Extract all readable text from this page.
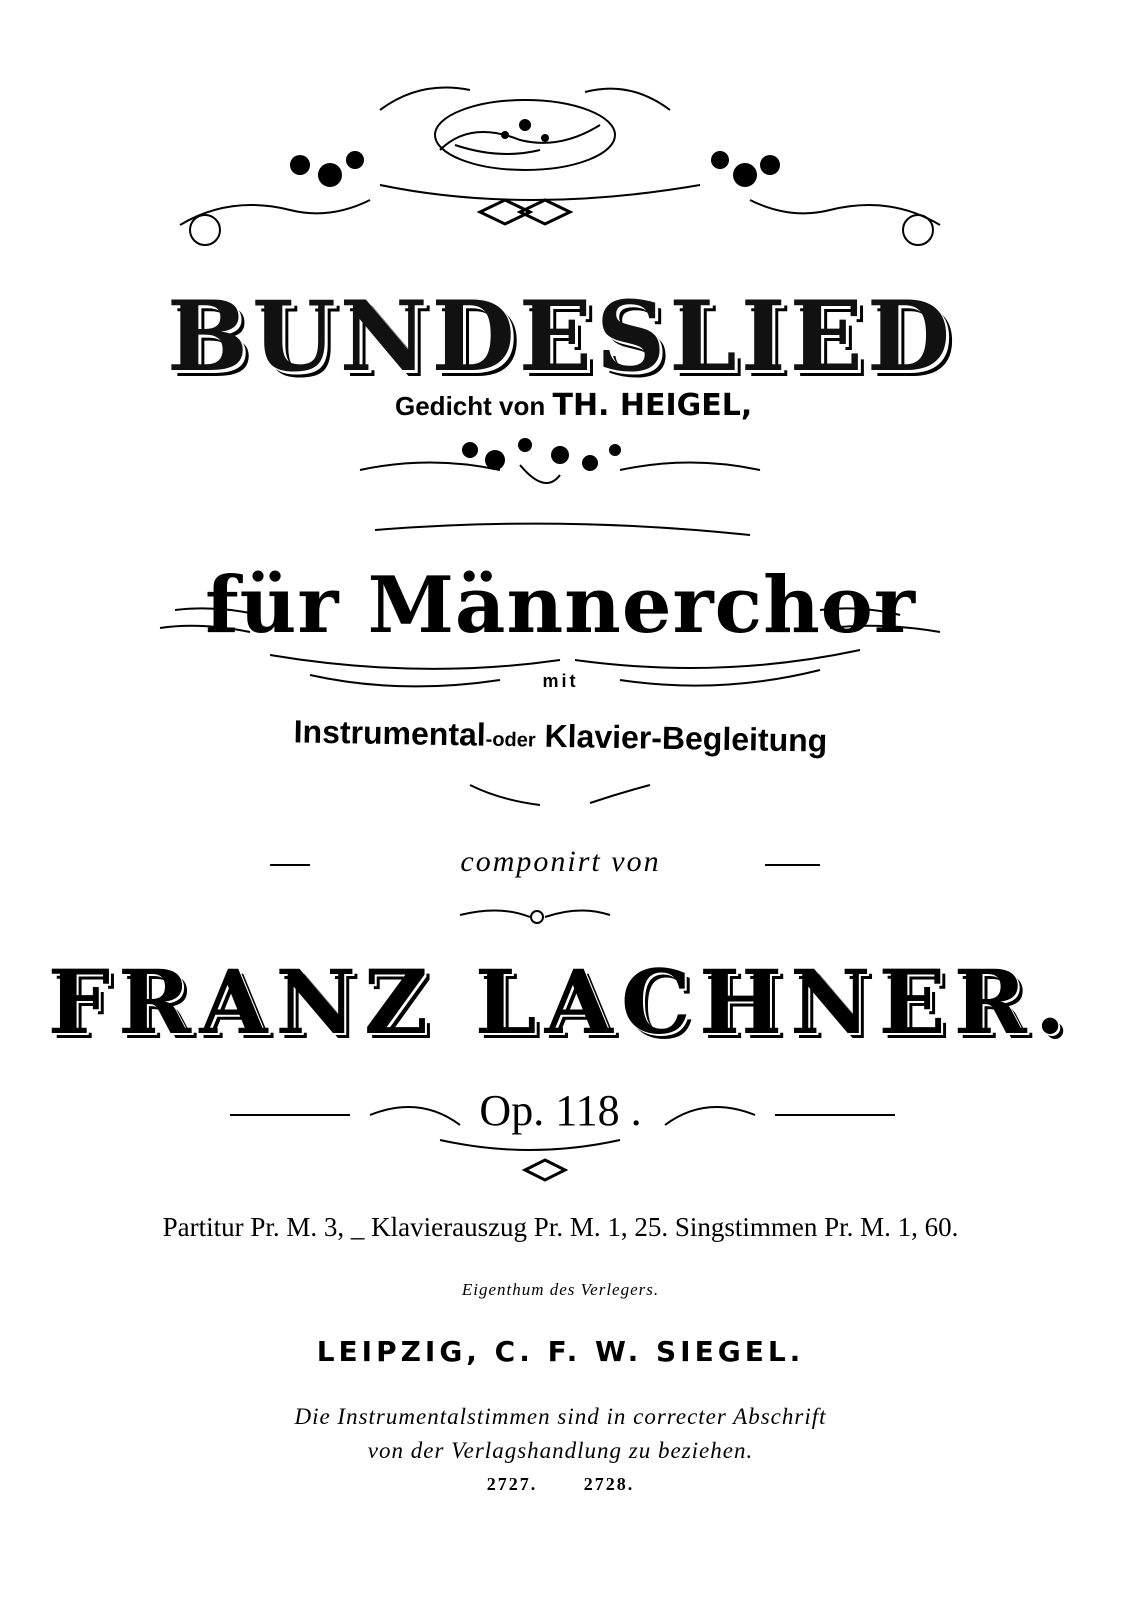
BUNDESLIED
Gedicht von TH. HEIGEL,
für Männerchor
mit
Instrumental-oder Klavier-Begleitung
componirt von
FRANZ LACHNER.
Op. 118 .
Partitur Pr. M. 3, _ Klavierauszug Pr. M. 1, 25. Singstimmen Pr. M. 1, 60.
Eigenthum des Verlegers.
LEIPZIG, C. F. W. SIEGEL.
Die Instrumentalstimmen sind in correcter Abschrift
von der Verlagshandlung zu beziehen.
2727. 2728.
